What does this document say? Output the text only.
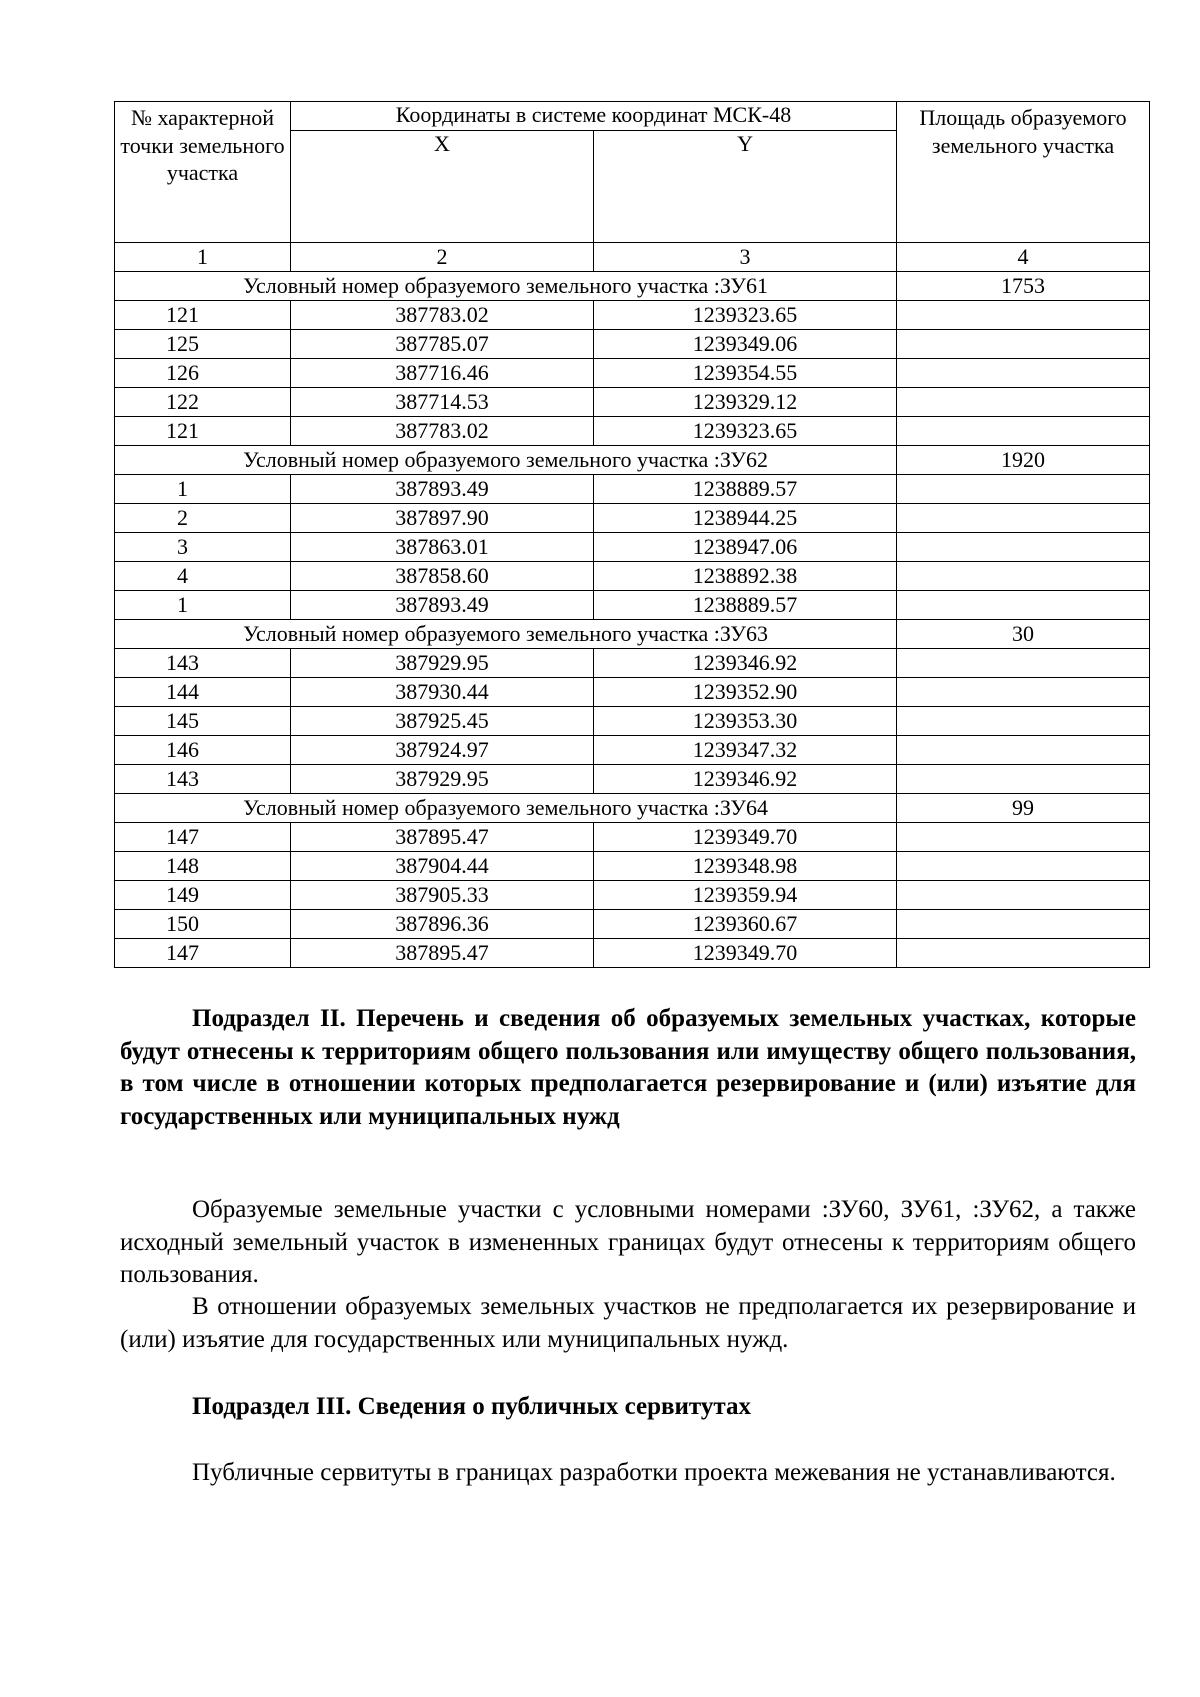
№ характерной точки земельного участка	Координаты в системе координат МСК-48		Площадь образуемого земельного участка
	X	Y	
1	2	3	4
Условный номер образуемого земельного участка :ЗУ61			1753
121	387783.02	1239323.65	
125	387785.07	1239349.06	
126	387716.46	1239354.55	
122	387714.53	1239329.12	
121	387783.02	1239323.65	
Условный номер образуемого земельного участка :ЗУ62			1920
1	387893.49	1238889.57	
2	387897.90	1238944.25	
3	387863.01	1238947.06	
4	387858.60	1238892.38	
1	387893.49	1238889.57	
Условный номер образуемого земельного участка :ЗУ63			30
143	387929.95	1239346.92	
144	387930.44	1239352.90	
145	387925.45	1239353.30	
146	387924.97	1239347.32	
143	387929.95	1239346.92	
Условный номер образуемого земельного участка :ЗУ64			99
147	387895.47	1239349.70	
148	387904.44	1239348.98	
149	387905.33	1239359.94	
150	387896.36	1239360.67	
147	387895.47	1239349.70	
Подраздел II. Перечень и сведения об образуемых земельных участках, которые будут отнесены к территориям общего пользования или имуществу общего пользования, в том числе в отношении которых предполагается резервирование и (или) изъятие для государственных или муниципальных нужд
Образуемые земельные участки с условными номерами :ЗУ60, ЗУ61, :ЗУ62, а также исходный земельный участок в измененных границах будут отнесены к территориям общего пользования.
В отношении образуемых земельных участков не предполагается их резервирование и (или) изъятие для государственных или муниципальных нужд.
Подраздел III. Сведения о публичных сервитутах
Публичные сервитуты в границах разработки проекта межевания не устанавливаются.
